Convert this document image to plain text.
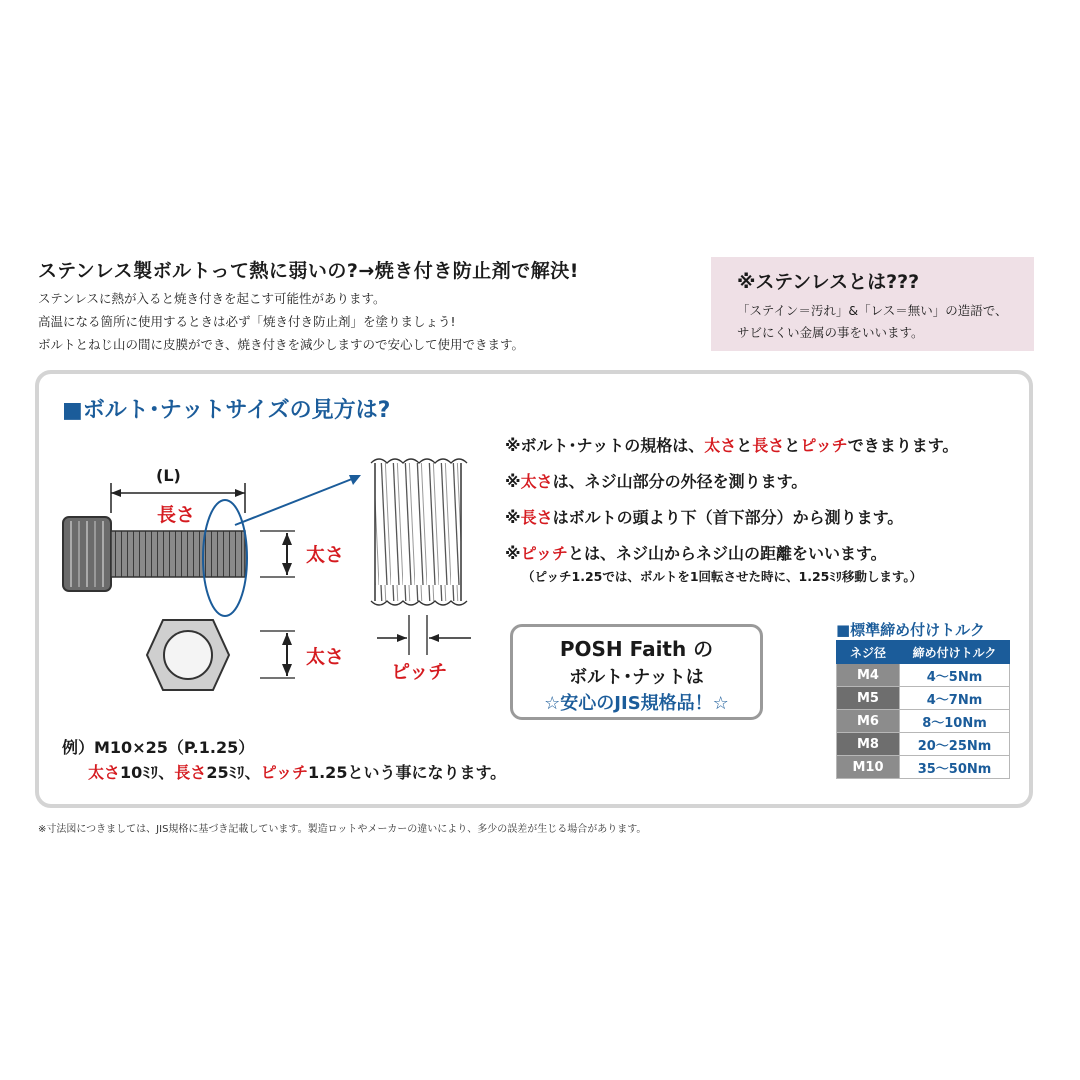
ステンレス製ボルトって熱に弱いの?→焼き付き防止剤で解決!
ステンレスに熱が入ると焼き付きを起こす可能性があります。
高温になる箇所に使用するときは必ず「焼き付き防止剤」を塗りましょう!
ボルトとねじ山の間に皮膜ができ、焼き付きを減少しますので安心して使用できます。
※ステンレスとは???
「ステイン＝汚れ」&「レス＝無い」の造語で、
サビにくい金属の事をいいます。
■ボルト･ナットサイズの見方は?
※ボルト･ナットの規格は、太さと長さとピッチできまります。
※太さは、ネジ山部分の外径を測ります。
※長さはボルトの頭より下（首下部分）から測ります。
※ピッチとは、ネジ山からネジ山の距離をいいます。
（ピッチ1.25では、ボルトを1回転させた時に、1.25ﾐﾘ移動します。）
(L)
長さ
太さ
太さ
ピッチ
例）M10×25（P.1.25）
太さ10ﾐﾘ、長さ25ﾐﾘ、ピッチ1.25という事になります。
POSH Faith の
ボルト･ナットは
☆安心のJIS規格品！☆
■標準締め付けトルク
ネジ径	締め付けトルク
M4	4～5Nm
M5	4～7Nm
M6	8～10Nm
M8	20～25Nm
M10	35～50Nm
※寸法図につきましては、JIS規格に基づき記載しています。製造ロットやメーカーの違いにより、多少の誤差が生じる場合があります。
